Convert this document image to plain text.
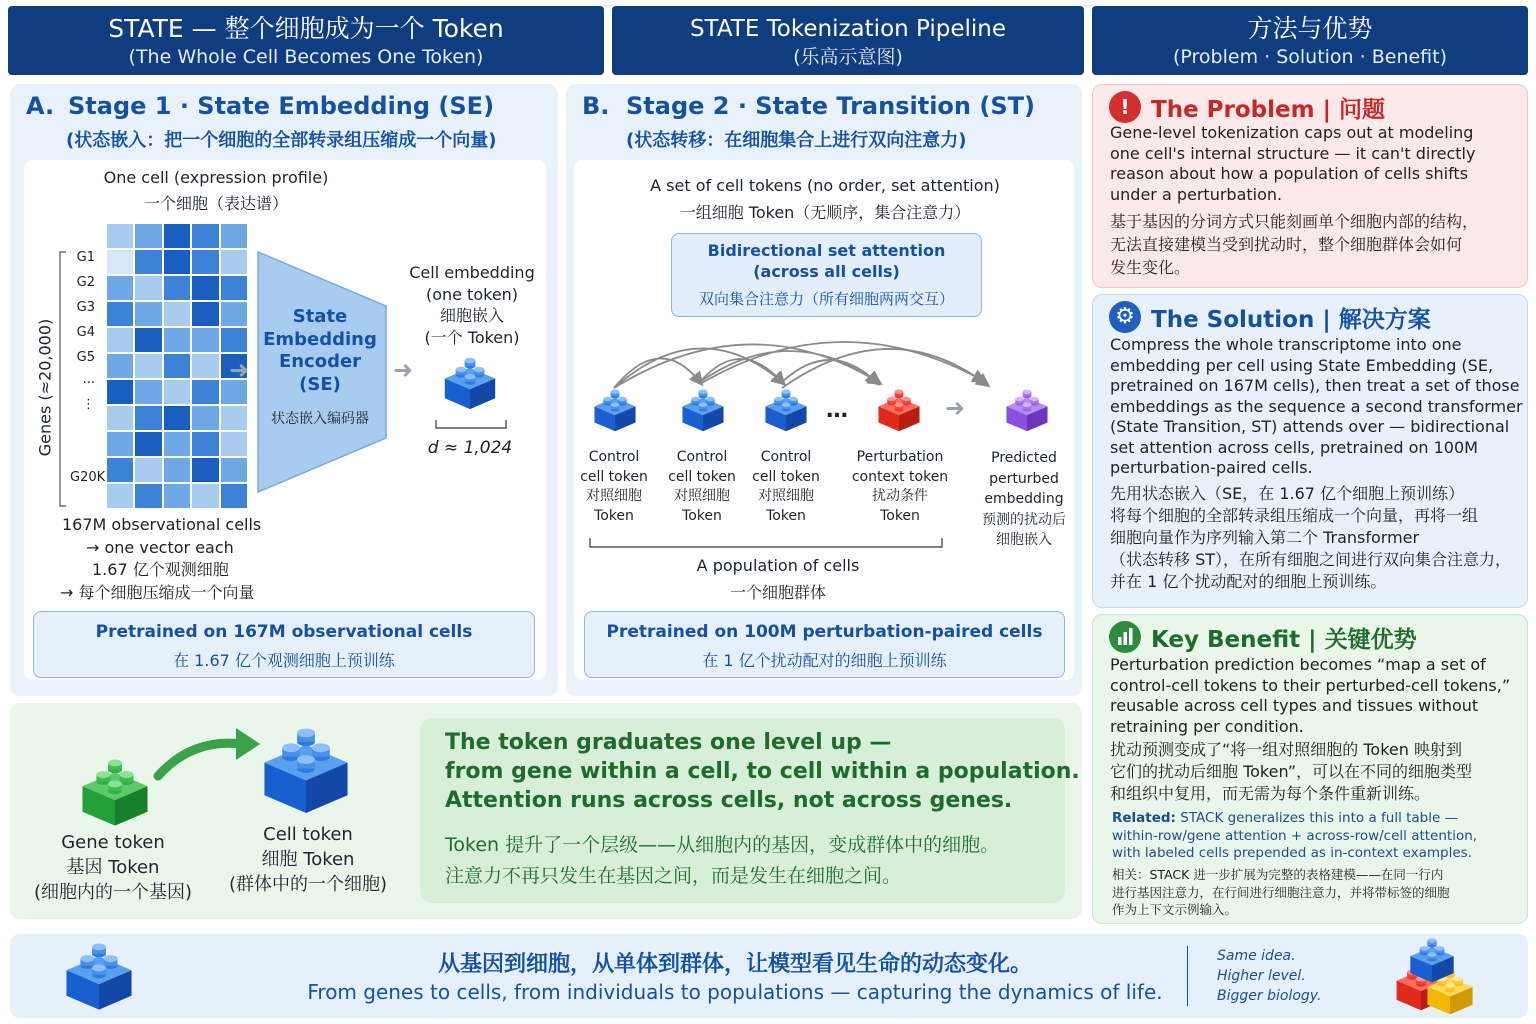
STATE — 整个细胞成为一个 Token
(The Whole Cell Becomes One Token)
STATE Tokenization Pipeline
(乐高示意图)
方法与优势
(Problem · Solution · Benefit)
A. Stage 1 · State Embedding (SE)
(状态嵌入：把一个细胞的全部转录组压缩成一个向量)
One cell (expression profile)
一个细胞（表达谱）
Genes (≈20,000)
G1
G2
G3
G4
G5
...
⋮
G20K
➜
State
Embedding
Encoder
(SE)
状态嵌入编码器
➜
Cell embedding
(one token)
细胞嵌入
(一个 Token)
d ≈ 1,024
167M observational cells
→ one vector each
1.67 亿个观测细胞
→ 每个细胞压缩成一个向量
Pretrained on 167M observational cells
在 1.67 亿个观测细胞上预训练
B. Stage 2 · State Transition (ST)
(状态转移：在细胞集合上进行双向注意力)
A set of cell tokens (no order, set attention)
一组细胞 Token（无顺序，集合注意力）
Bidirectional set attention
(across all cells)
双向集合注意力（所有细胞两两交互）
…	➜
Control
cell token
对照细胞
Token
Control
cell token
对照细胞
Token
Control
cell token
对照细胞
Token
Perturbation
context token
扰动条件
Token
Predicted
perturbed
embedding
预测的扰动后
细胞嵌入
A population of cells
一个细胞群体
Pretrained on 100M perturbation-paired cells
在 1 亿个扰动配对的细胞上预训练
Gene token
基因 Token
(细胞内的一个基因)
Cell token
细胞 Token
(群体中的一个细胞)
The token graduates one level up —
from gene within a cell, to cell within a population.
Attention runs across cells, not across genes.
Token 提升了一个层级——从细胞内的基因，变成群体中的细胞。
注意力不再只发生在基因之间，而是发生在细胞之间。
! The Problem | 问题
Gene-level tokenization caps out at modeling
one cell's internal structure — it can't directly
reason about how a population of cells shifts
under a perturbation.
基于基因的分词方式只能刻画单个细胞内部的结构，
无法直接建模当受到扰动时，整个细胞群体会如何
发生变化。
⚙ The Solution | 解决方案
Compress the whole transcriptome into one
embedding per cell using State Embedding (SE,
pretrained on 167M cells), then treat a set of those
embeddings as the sequence a second transformer
(State Transition, ST) attends over — bidirectional
set attention across cells, pretrained on 100M
perturbation-paired cells.
先用状态嵌入（SE，在 1.67 亿个细胞上预训练）
将每个细胞的全部转录组压缩成一个向量，再将一组
细胞向量作为序列输入第二个 Transformer
（状态转移 ST），在所有细胞之间进行双向集合注意力，
并在 1 亿个扰动配对的细胞上预训练。
Key Benefit | 关键优势
Perturbation prediction becomes “map a set of
control-cell tokens to their perturbed-cell tokens,”
reusable across cell types and tissues without
retraining per condition.
扰动预测变成了“将一组对照细胞的 Token 映射到
它们的扰动后细胞 Token”，可以在不同的细胞类型
和组织中复用，而无需为每个条件重新训练。
Related: STACK generalizes this into a full table —
within-row/gene attention + across-row/cell attention,
with labeled cells prepended as in-context examples.
相关：STACK 进一步扩展为完整的表格建模——在同一行内
进行基因注意力，在行间进行细胞注意力，并将带标签的细胞
作为上下文示例输入。
从基因到细胞，从单体到群体，让模型看见生命的动态变化。
From genes to cells, from individuals to populations — capturing the dynamics of life.
Same idea.
Higher level.
Bigger biology.
